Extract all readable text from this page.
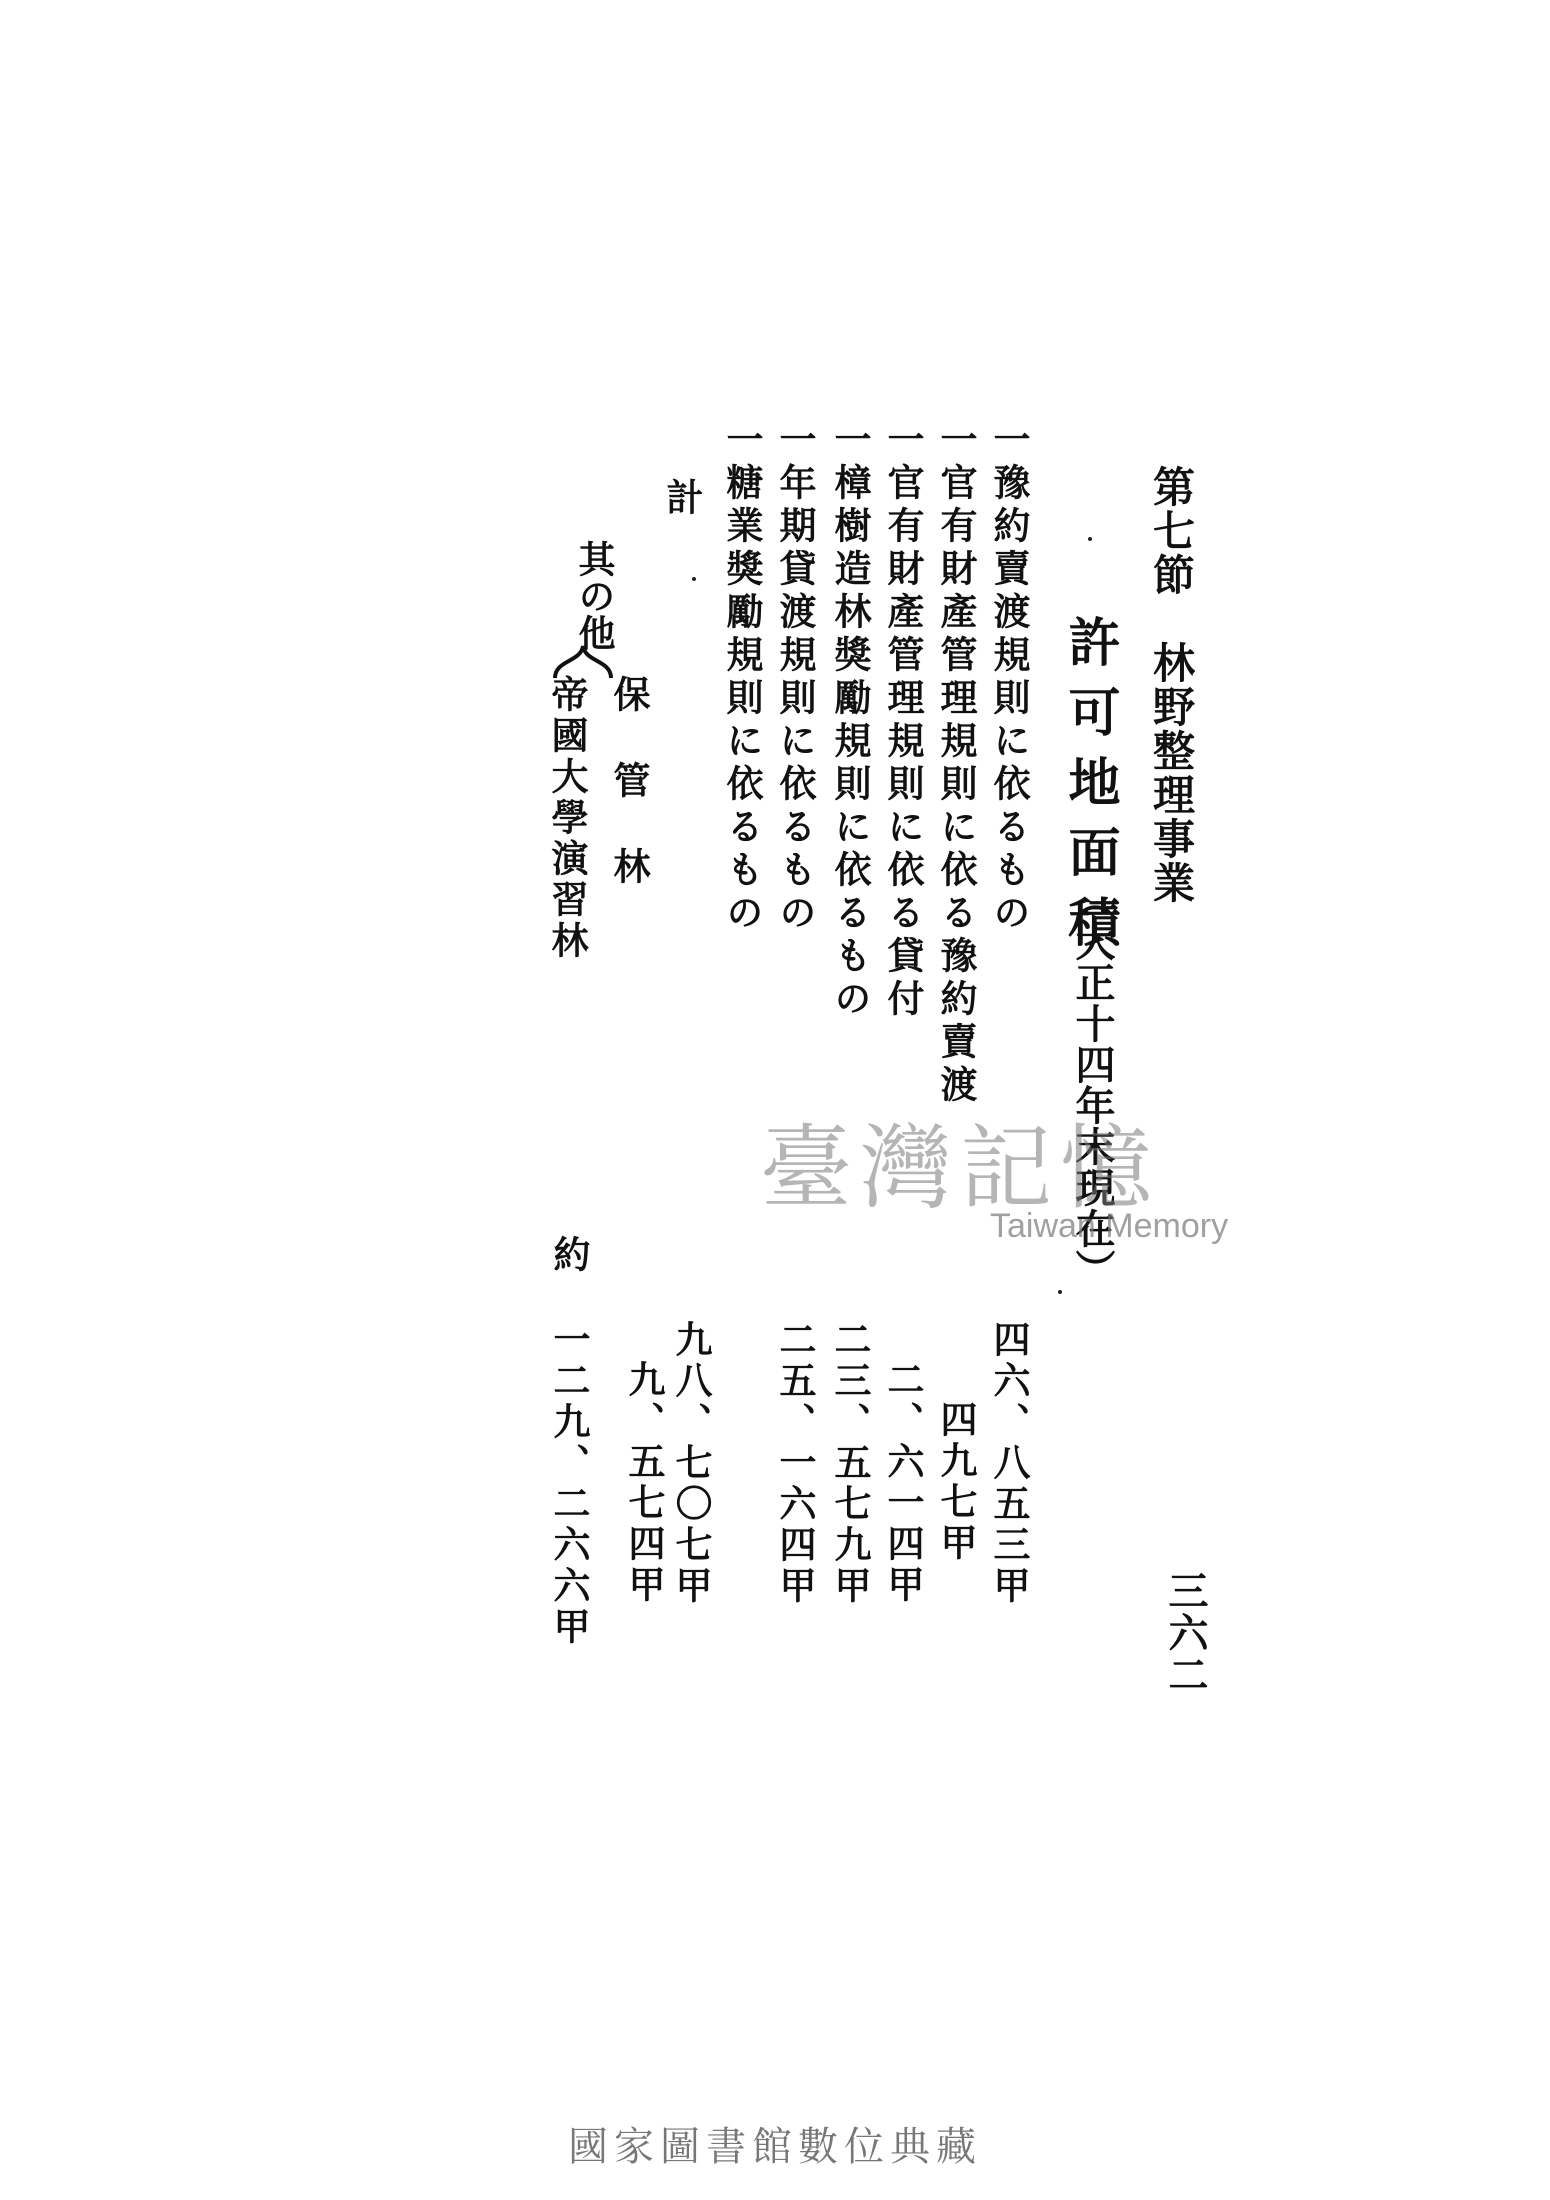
第七節　林野整理事業
三六二
許可地面積
（大正十四年末現在）
一豫約賣渡規則に依るもの
一官有財產管理規則に依る豫約賣渡
一官有財產管理規則に依る貸付
一樟樹造林獎勵規則に依るもの
一年期貸渡規則に依るもの
一糖業獎勵規則に依るもの
四六、八五三甲
四九七甲
二、六一四甲
二三、五七九甲
二五、一六四甲
九、五七四甲
計
九八、七〇七甲
其の他
保　管　林
帝國大學演習林
約
一二九、二六六甲
臺灣記憶
Taiwan Memory
國家圖書館數位典藏
